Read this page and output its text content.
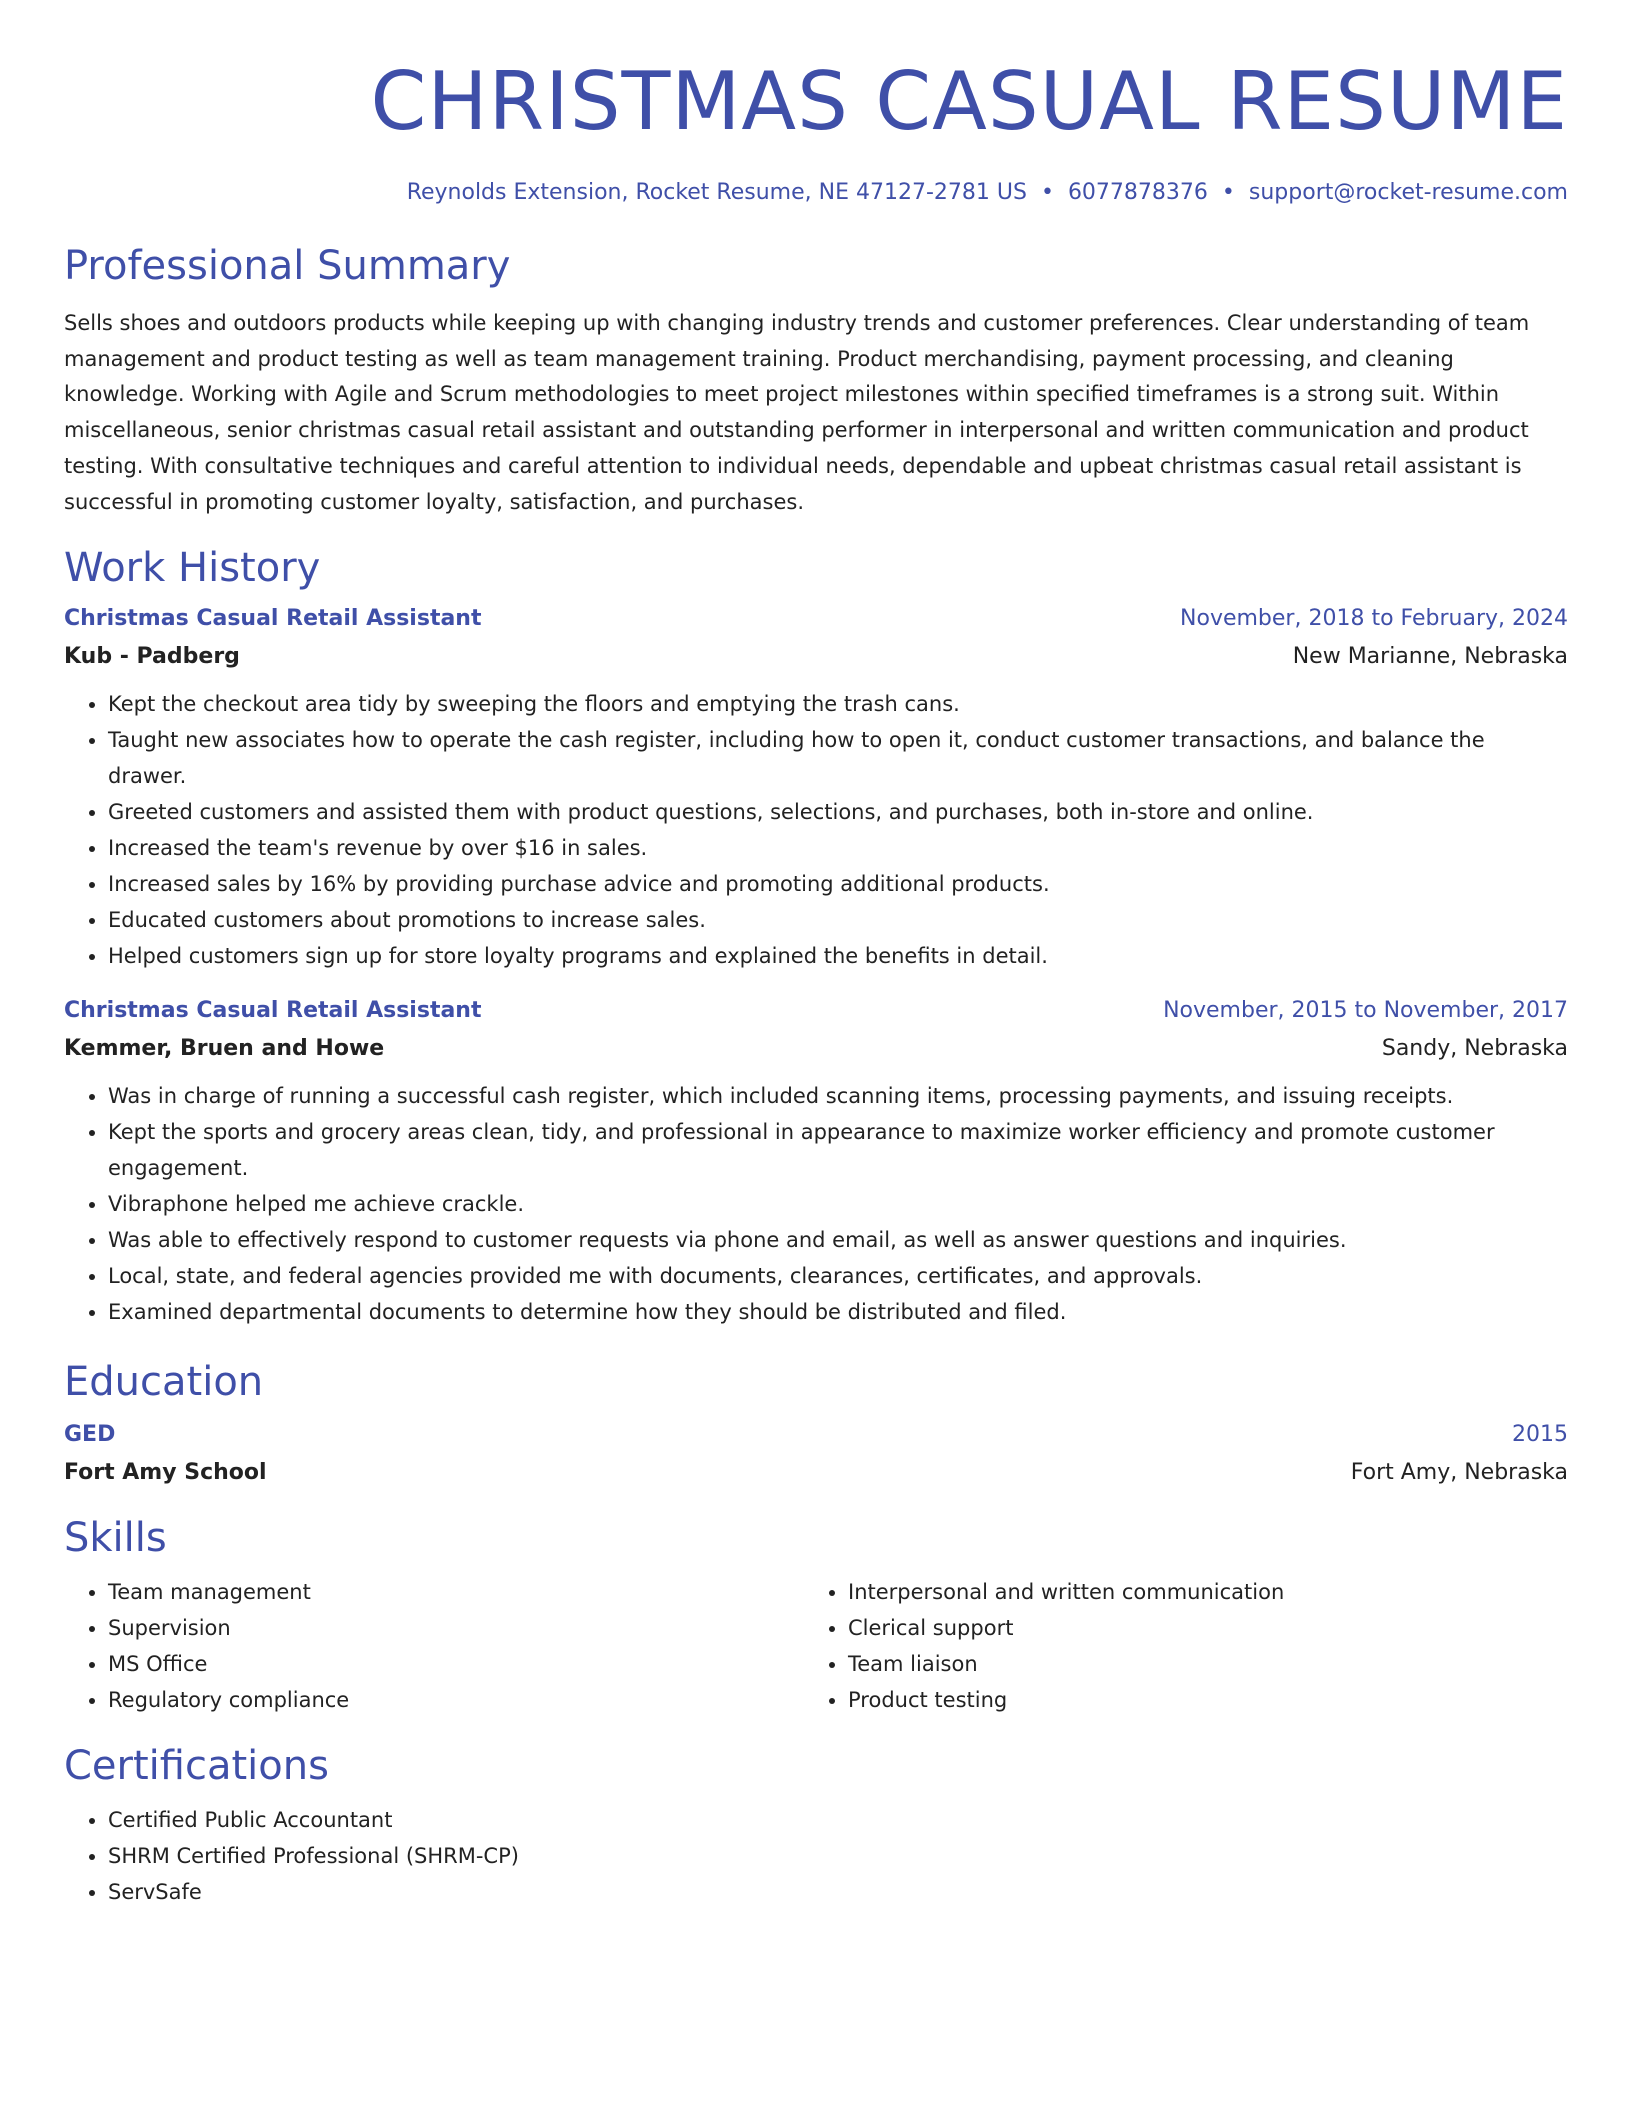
CHRISTMAS CASUAL RESUME
Reynolds Extension, Rocket Resume, NE 47127-2781 US • 6077878376 • support@rocket-resume.com
Professional Summary

Sells shoes and outdoors products while keeping up with changing industry trends and customer preferences. Clear understanding of team management and product testing as well as team management training. Product merchandising, payment processing, and cleaning knowledge. Working with Agile and Scrum methodologies to meet project milestones within specified timeframes is a strong suit. Within miscellaneous, senior christmas casual retail assistant and outstanding performer in interpersonal and written communication and product testing. With consultative techniques and careful attention to individual needs, dependable and upbeat christmas casual retail assistant is successful in promoting customer loyalty, satisfaction, and purchases.

Work History
Christmas Casual Retail Assistant	November, 2018 to February, 2024
Kub - Padberg	New Marianne, Nebraska
• Kept the checkout area tidy by sweeping the floors and emptying the trash cans.
• Taught new associates how to operate the cash register, including how to open it, conduct customer transactions, and balance the drawer.
• Greeted customers and assisted them with product questions, selections, and purchases, both in-store and online.
• Increased the team's revenue by over $16 in sales.
• Increased sales by 16% by providing purchase advice and promoting additional products.
• Educated customers about promotions to increase sales.
• Helped customers sign up for store loyalty programs and explained the benefits in detail.
Christmas Casual Retail Assistant	November, 2015 to November, 2017
Kemmer, Bruen and Howe	Sandy, Nebraska
• Was in charge of running a successful cash register, which included scanning items, processing payments, and issuing receipts.
• Kept the sports and grocery areas clean, tidy, and professional in appearance to maximize worker efficiency and promote customer engagement.
• Vibraphone helped me achieve crackle.
• Was able to effectively respond to customer requests via phone and email, as well as answer questions and inquiries.
• Local, state, and federal agencies provided me with documents, clearances, certificates, and approvals.
• Examined departmental documents to determine how they should be distributed and filed.
Education
GED	2015
Fort Amy School	Fort Amy, Nebraska
Skills
• Team management
• Supervision
• MS Office
• Regulatory compliance
• Interpersonal and written communication
• Clerical support
• Team liaison
• Product testing
Certifications
• Certified Public Accountant
• SHRM Certified Professional (SHRM-CP)
• ServSafe
